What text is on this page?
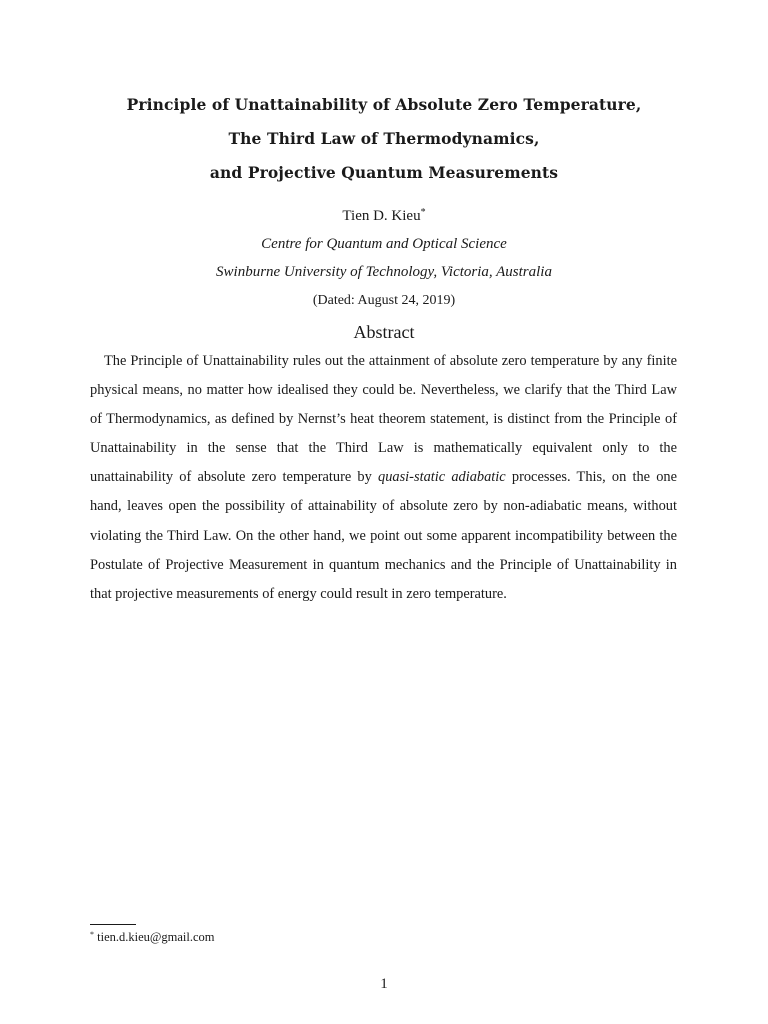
Principle of Unattainability of Absolute Zero Temperature,
The Third Law of Thermodynamics,
and Projective Quantum Measurements
Tien D. Kieu*
Centre for Quantum and Optical Science
Swinburne University of Technology, Victoria, Australia
(Dated: August 24, 2019)
Abstract

The Principle of Unattainability rules out the attainment of absolute zero temperature by any finite physical means, no matter how idealised they could be. Nevertheless, we clarify that the Third Law of Thermodynamics, as defined by Nernst’s heat theorem statement, is distinct from the Principle of Unattainability in the sense that the Third Law is mathematically equivalent only to the unattainability of absolute zero temperature by quasi-static adiabatic processes. This, on the one hand, leaves open the possibility of attainability of absolute zero by non-adiabatic means, without violating the Third Law. On the other hand, we point out some apparent incompatibility between the Postulate of Projective Measurement in quantum mechanics and the Principle of Unattainability in that projective measurements of energy could result in zero temperature.

* tien.d.kieu@gmail.com
1
